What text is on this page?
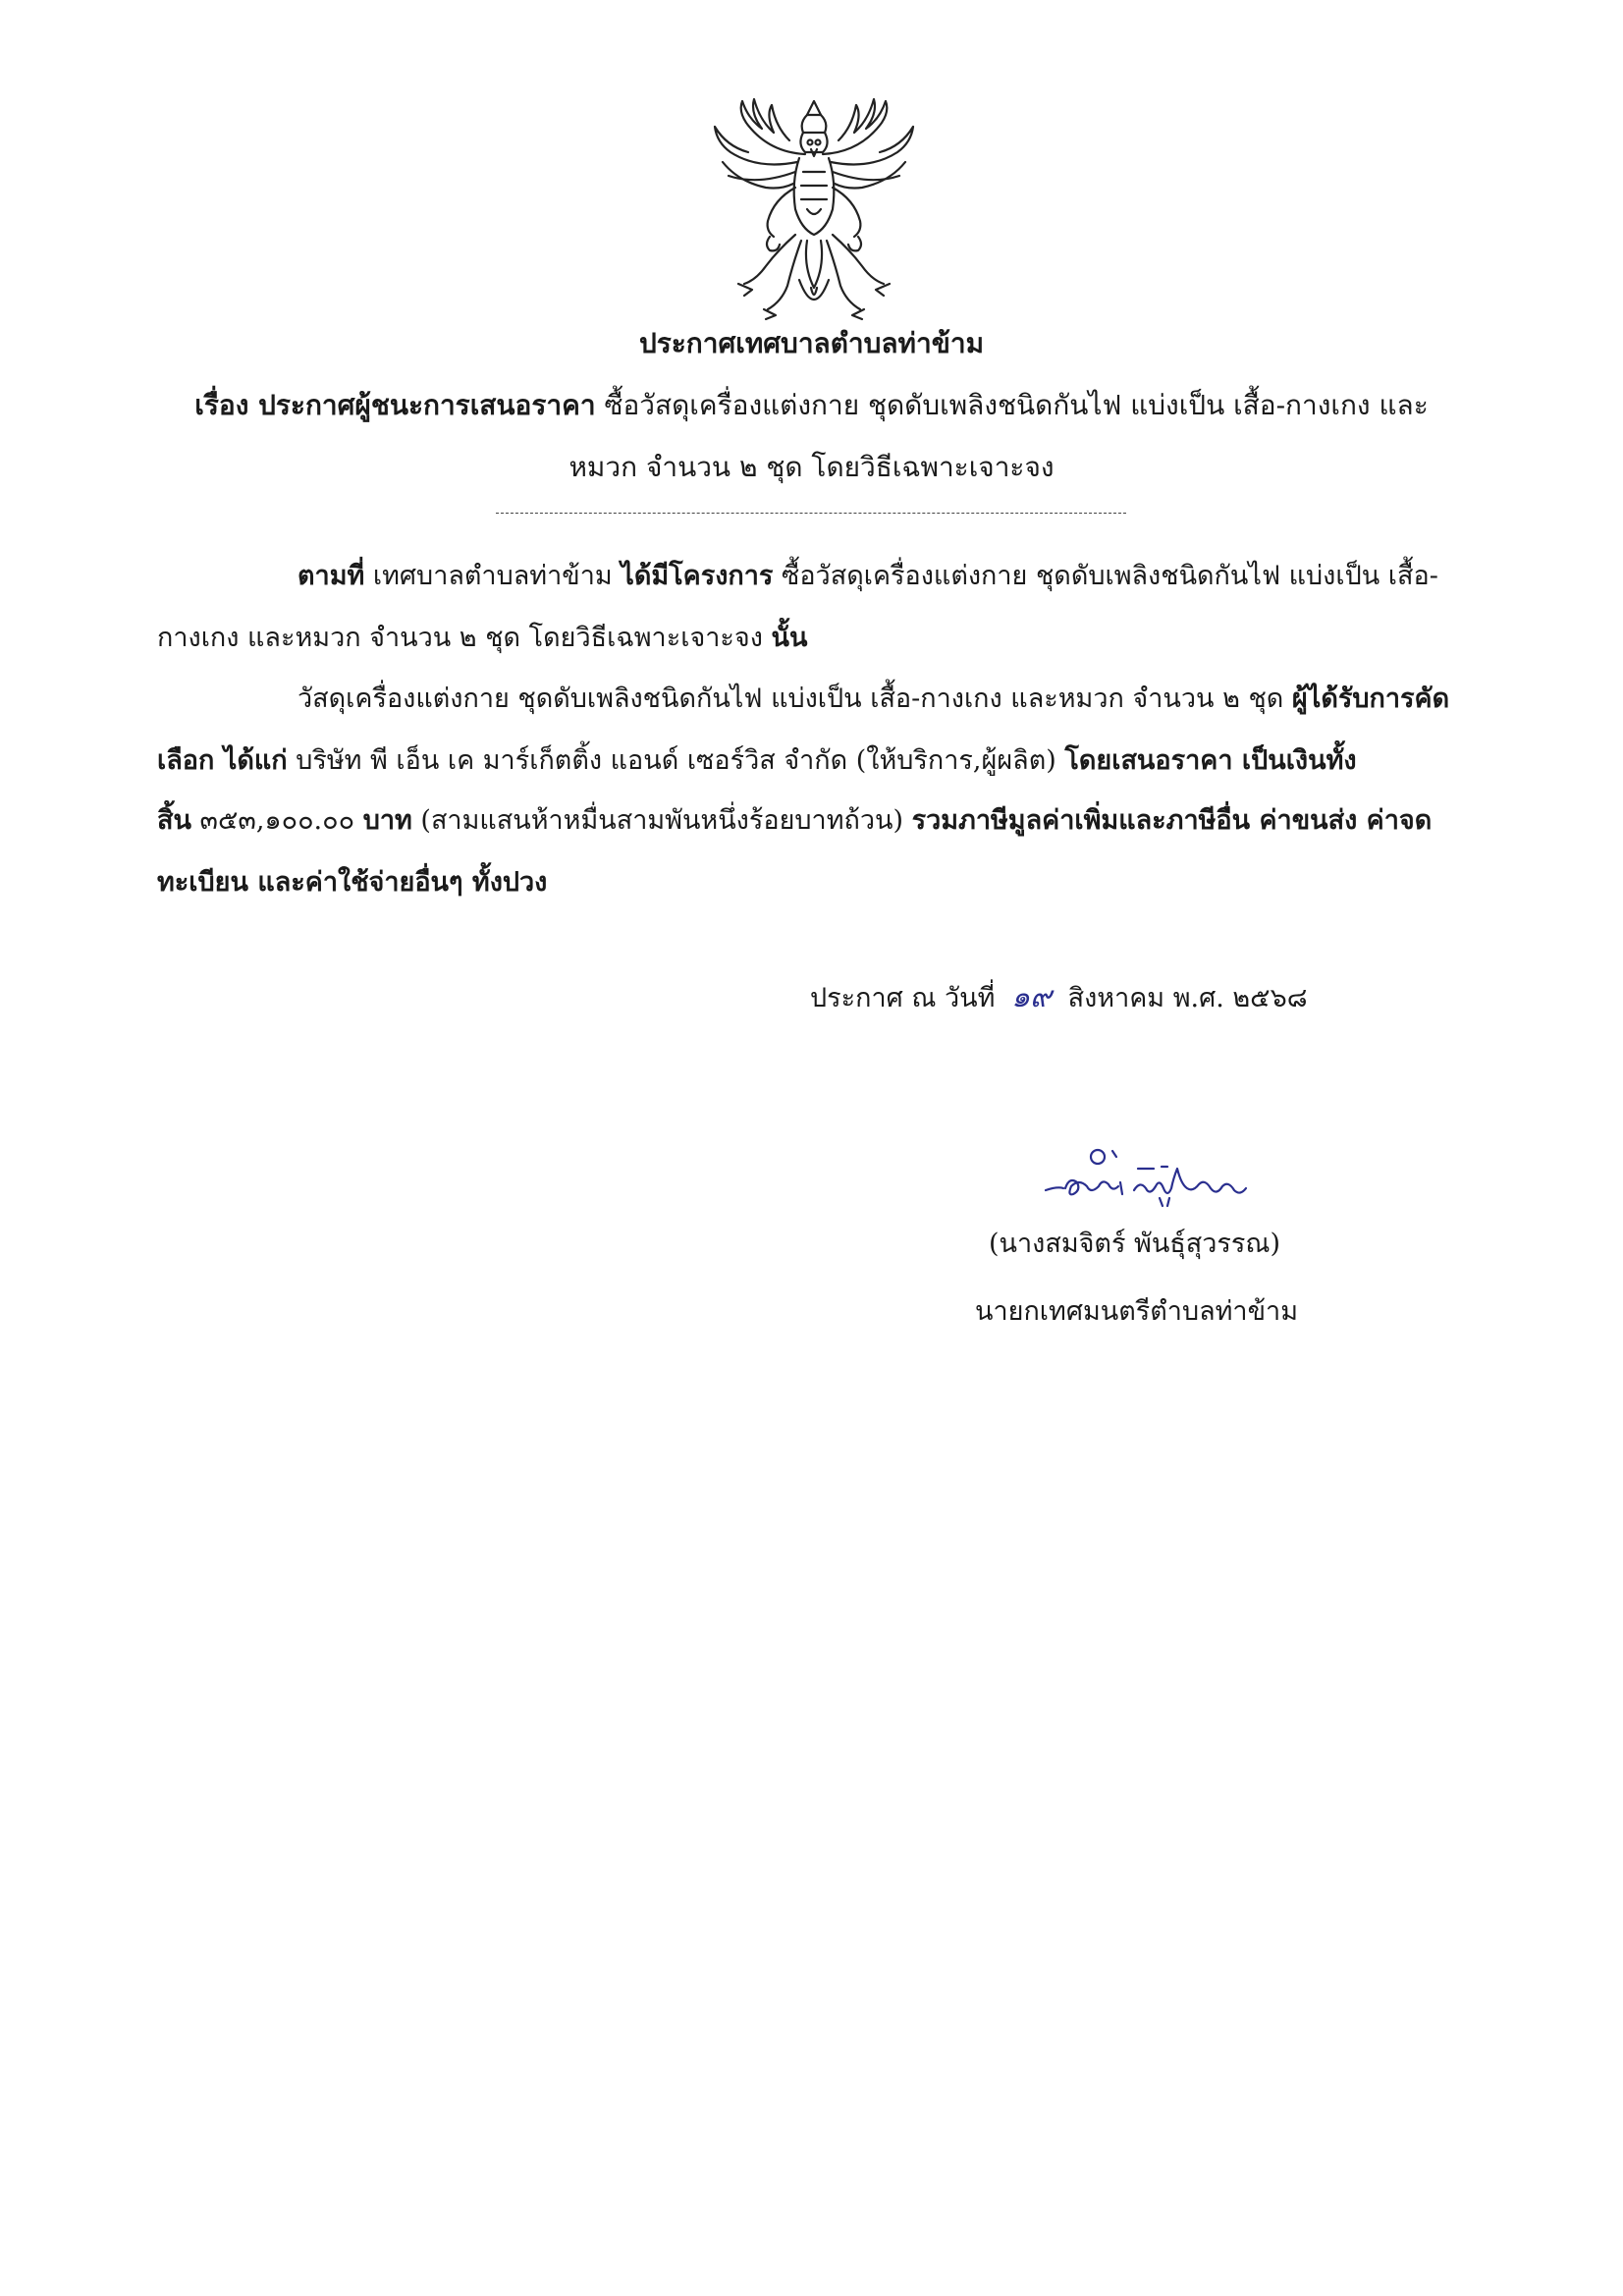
ประกาศเทศบาลตำบลท่าข้าม
เรื่อง ประกาศผู้ชนะการเสนอราคา ซื้อวัสดุเครื่องแต่งกาย ชุดดับเพลิงชนิดกันไฟ แบ่งเป็น เสื้อ-กางเกง และ
หมวก จำนวน ๒ ชุด โดยวิธีเฉพาะเจาะจง
ตามที่ เทศบาลตำบลท่าข้าม ได้มีโครงการ ซื้อวัสดุเครื่องแต่งกาย ชุดดับเพลิงชนิดกันไฟ แบ่งเป็น เสื้อ-
กางเกง และหมวก จำนวน ๒ ชุด โดยวิธีเฉพาะเจาะจง นั้น
วัสดุเครื่องแต่งกาย ชุดดับเพลิงชนิดกันไฟ แบ่งเป็น เสื้อ-กางเกง และหมวก จำนวน ๒ ชุด ผู้ได้รับการคัด
เลือก ได้แก่ บริษัท พี เอ็น เค มาร์เก็ตติ้ง แอนด์ เซอร์วิส จำกัด (ให้บริการ,ผู้ผลิต) โดยเสนอราคา เป็นเงินทั้ง
สิ้น ๓๕๓,๑๐๐.๐๐ บาท (สามแสนห้าหมื่นสามพันหนึ่งร้อยบาทถ้วน) รวมภาษีมูลค่าเพิ่มและภาษีอื่น ค่าขนส่ง ค่าจด
ทะเบียน และค่าใช้จ่ายอื่นๆ ทั้งปวง
ประกาศ ณ วันที่ ๑๙ สิงหาคม พ.ศ. ๒๕๖๘
(นางสมจิตร์ พันธุ์สุวรรณ)
นายกเทศมนตรีตำบลท่าข้าม
